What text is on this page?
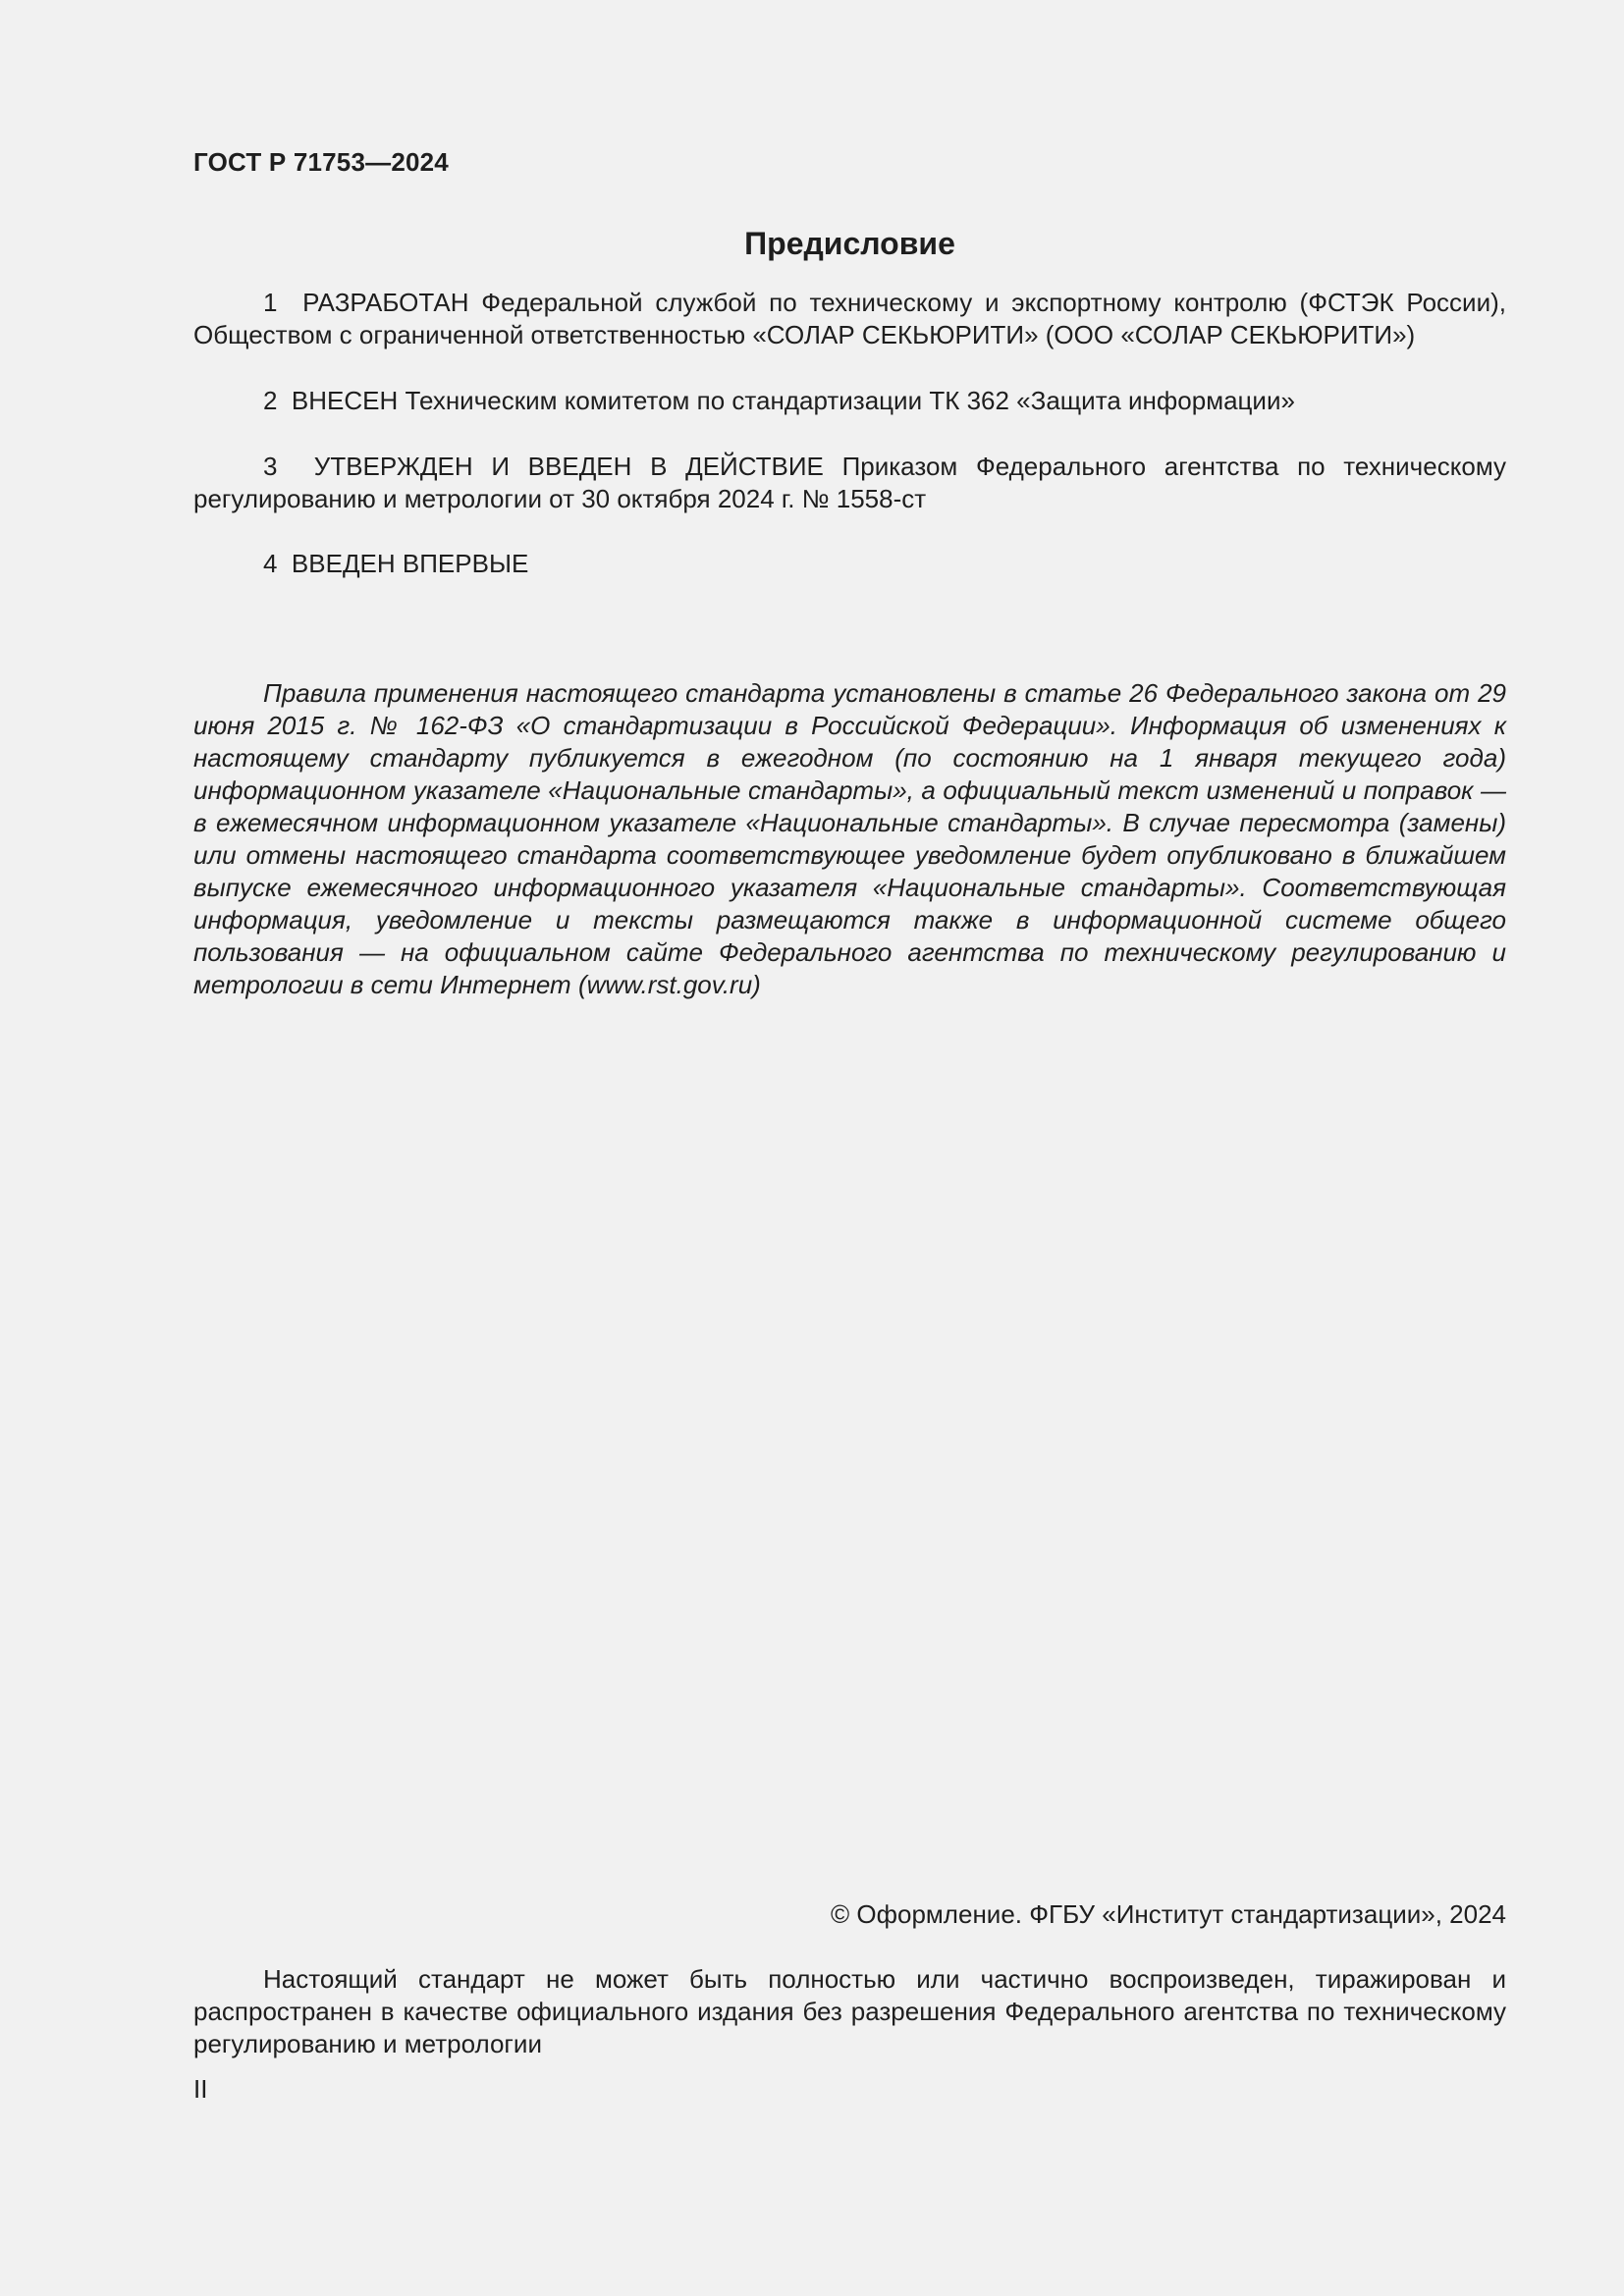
ГОСТ Р 71753—2024
Предисловие

1 РАЗРАБОТАН Федеральной службой по техническому и экспортному контролю (ФСТЭК России), Обществом с ограниченной ответственностью «СОЛАР СЕКЬЮРИТИ» (ООО «СОЛАР СЕКЬЮРИТИ»)

2 ВНЕСЕН Техническим комитетом по стандартизации ТК 362 «Защита информации»

3 УТВЕРЖДЕН И ВВЕДЕН В ДЕЙСТВИЕ Приказом Федерального агентства по техническому регулированию и метрологии от 30 октября 2024 г. № 1558-ст

4 ВВЕДЕН ВПЕРВЫЕ

Правила применения настоящего стандарта установлены в статье 26 Федерального закона от 29 июня 2015 г. № 162-ФЗ «О стандартизации в Российской Федерации». Информация об изменениях к настоящему стандарту публикуется в ежегодном (по состоянию на 1 января текущего года) информационном указателе «Национальные стандарты», а официальный текст изменений и поправок — в ежемесячном информационном указателе «Национальные стандарты». В случае пересмотра (замены) или отмены настоящего стандарта соответствующее уведомление будет опубликовано в ближайшем выпуске ежемесячного информационного указателя «Национальные стандарты». Соответствующая информация, уведомление и тексты размещаются также в информационной системе общего пользования — на официальном сайте Федерального агентства по техническому регулированию и метрологии в сети Интернет (www.rst.gov.ru)

© Оформление. ФГБУ «Институт стандартизации», 2024

Настоящий стандарт не может быть полностью или частично воспроизведен, тиражирован и распространен в качестве официального издания без разрешения Федерального агентства по техническому регулированию и метрологии

II
